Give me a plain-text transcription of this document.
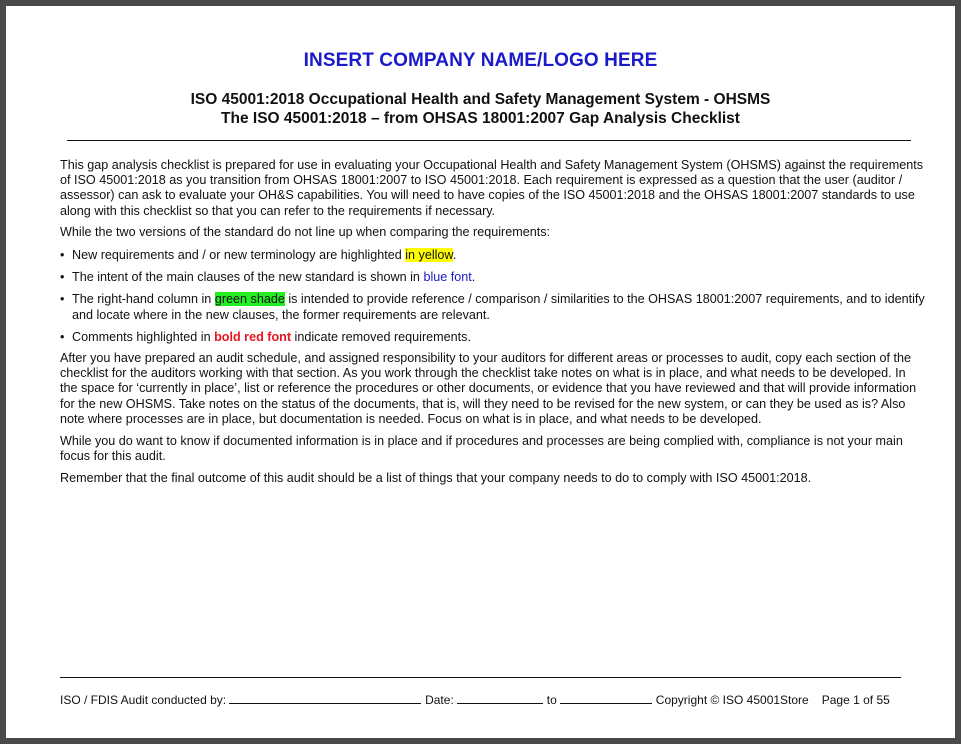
INSERT COMPANY NAME/LOGO HERE
ISO 45001:2018 Occupational Health and Safety Management System - OHSMS
The ISO 45001:2018 – from OHSAS 18001:2007 Gap Analysis Checklist

This gap analysis checklist is prepared for use in evaluating your Occupational Health and Safety Management System (OHSMS) against the requirements of ISO 45001:2018 as you transition from OHSAS 18001:2007 to ISO 45001:2018. Each requirement is expressed as a question that the user (auditor / assessor) can ask to evaluate your OH&S capabilities. You will need to have copies of the ISO 45001:2018 and the OHSAS 18001:2007 standards to use along with this checklist so that you can refer to the requirements if necessary.

While the two versions of the standard do not line up when comparing the requirements:

• New requirements and / or new terminology are highlighted in yellow.
• The intent of the main clauses of the new standard is shown in blue font.
• The right-hand column in green shade is intended to provide reference / comparison / similarities to the OHSAS 18001:2007 requirements, and to identify and locate where in the new clauses, the former requirements are relevant.
• Comments highlighted in bold red font indicate removed requirements.

After you have prepared an audit schedule, and assigned responsibility to your auditors for different areas or processes to audit, copy each section of the checklist for the auditors working with that section. As you work through the checklist take notes on what is in place, and what needs to be developed. In the space for ‘currently in place’, list or reference the procedures or other documents, or evidence that you have reviewed and that will provide information for the new OHSMS. Take notes on the status of the documents, that is, will they need to be revised for the new system, or can they be used as is? Also note where processes are in place, but documentation is needed. Focus on what is in place, and what needs to be developed.

While you do want to know if documented information is in place and if procedures and processes are being complied with, compliance is not your main focus for this audit.

Remember that the final outcome of this audit should be a list of things that your company needs to do to comply with ISO 45001:2018.

ISO / FDIS Audit conducted by:	Date:	to	Copyright © ISO 45001Store Page 1 of 55
